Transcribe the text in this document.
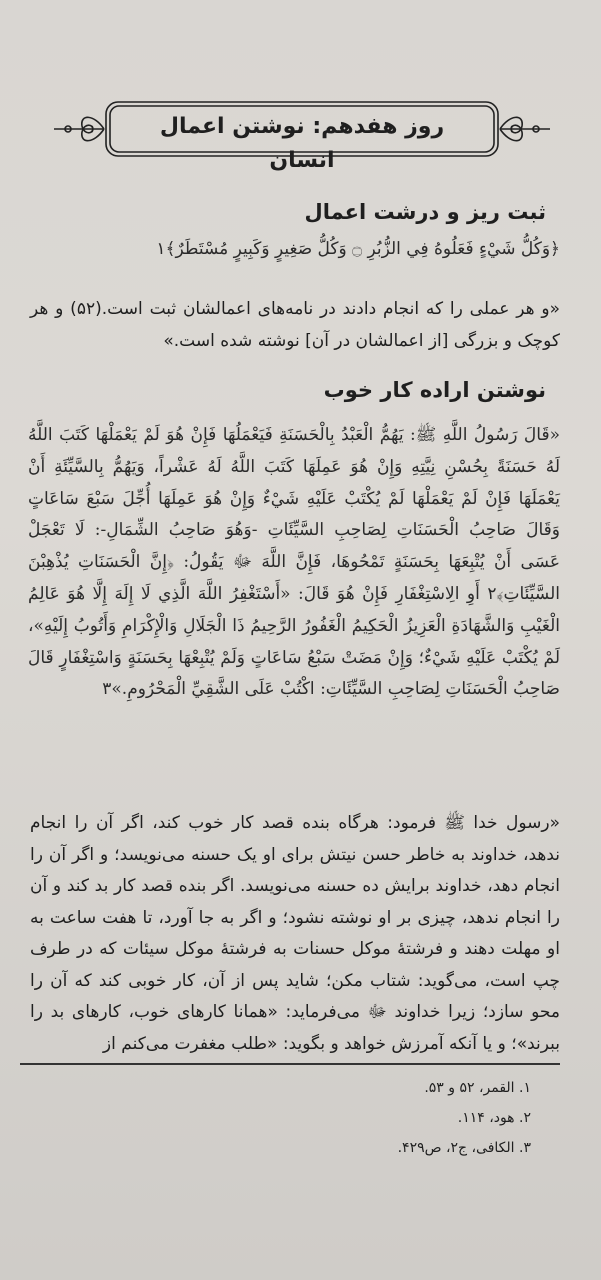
روز هفدهم: نوشتن اعمال انسان
ثبت ریز و درشت اعمال
﴿وَكُلُّ شَيْءٍ فَعَلُوهُ فِي الزُّبُرِ ۝ وَكُلُّ صَغِيرٍ وَكَبِيرٍ مُسْتَطَرٌ﴾١
«و هر عملی را که انجام دادند در نامه‌های اعمالشان ثبت است.(۵۲) و هر کوچک و بزرگی [از اعمالشان در آن] نوشته شده است.»
نوشتن اراده کار خوب
«قَالَ رَسُولُ اللَّهِ ﷺ: يَهُمُّ الْعَبْدُ بِالْحَسَنَةِ فَيَعْمَلُهَا فَإِنْ هُوَ لَمْ يَعْمَلْهَا كَتَبَ اللَّهُ لَهُ حَسَنَةً بِحُسْنِ نِيَّتِهِ وَإِنْ هُوَ عَمِلَهَا كَتَبَ اللَّهُ لَهُ عَشْراً، وَيَهُمُّ بِالسَّيِّئَةِ أَنْ يَعْمَلَهَا فَإِنْ لَمْ يَعْمَلْهَا لَمْ يُكْتَبْ عَلَيْهِ شَيْءٌ وَإِنْ هُوَ عَمِلَهَا أُجِّلَ سَبْعَ سَاعَاتٍ وَقَالَ صَاحِبُ الْحَسَنَاتِ لِصَاحِبِ السَّيِّئَاتِ -وَهُوَ صَاحِبُ الشِّمَالِ-: لَا تَعْجَلْ عَسَى أَنْ يُتْبِعَهَا بِحَسَنَةٍ تَمْحُوهَا، فَإِنَّ اللَّهَ ﷻ يَقُولُ: ﴿إِنَّ الْحَسَنَاتِ يُذْهِبْنَ السَّيِّئَاتِ﴾٢ أَوِ الِاسْتِغْفَارِ فَإِنْ هُوَ قَالَ: «أَسْتَغْفِرُ اللَّهَ الَّذِي لَا إِلَهَ إِلَّا هُوَ عَالِمُ الْغَيْبِ وَالشَّهَادَةِ الْعَزِيزُ الْحَكِيمُ الْغَفُورُ الرَّحِيمُ ذَا الْجَلَالِ وَالْإِكْرَامِ وَأَتُوبُ إِلَيْهِ»، لَمْ يُكْتَبْ عَلَيْهِ شَيْءٌ؛ وَإِنْ مَضَتْ سَبْعُ سَاعَاتٍ وَلَمْ يُتْبِعْهَا بِحَسَنَةٍ وَاسْتِغْفَارٍ قَالَ صَاحِبُ الْحَسَنَاتِ لِصَاحِبِ السَّيِّئَاتِ: اكْتُبْ عَلَى الشَّقِيِّ الْمَحْرُومِ.»٣
«رسول خدا ﷺ فرمود: هرگاه بنده قصد کار خوب کند، اگر آن را انجام ندهد، خداوند به خاطر حسن نیتش برای او یک حسنه می‌نویسد؛ و اگر آن را انجام دهد، خداوند برایش ده حسنه می‌نویسد. اگر بنده قصد کار بد کند و آن را انجام ندهد، چیزی بر او نوشته نشود؛ و اگر به جا آورد، تا هفت ساعت به او مهلت دهند و فرشتهٔ موکل حسنات به فرشتهٔ موکل سیئات که در طرف چپ است، می‌گوید: شتاب مکن؛ شاید پس از آن، کار خوبی کند که آن را محو سازد؛ زیرا خداوند ﷻ می‌فرماید: «همانا کارهای خوب، کارهای بد را ببرند»؛ و یا آنکه آمرزش خواهد و بگوید: «طلب مغفرت می‌کنم از
۱. القمر، ۵۲ و ۵۳.
۲. هود، ۱۱۴.
۳. الکافی، ج۲، ص۴۲۹.
